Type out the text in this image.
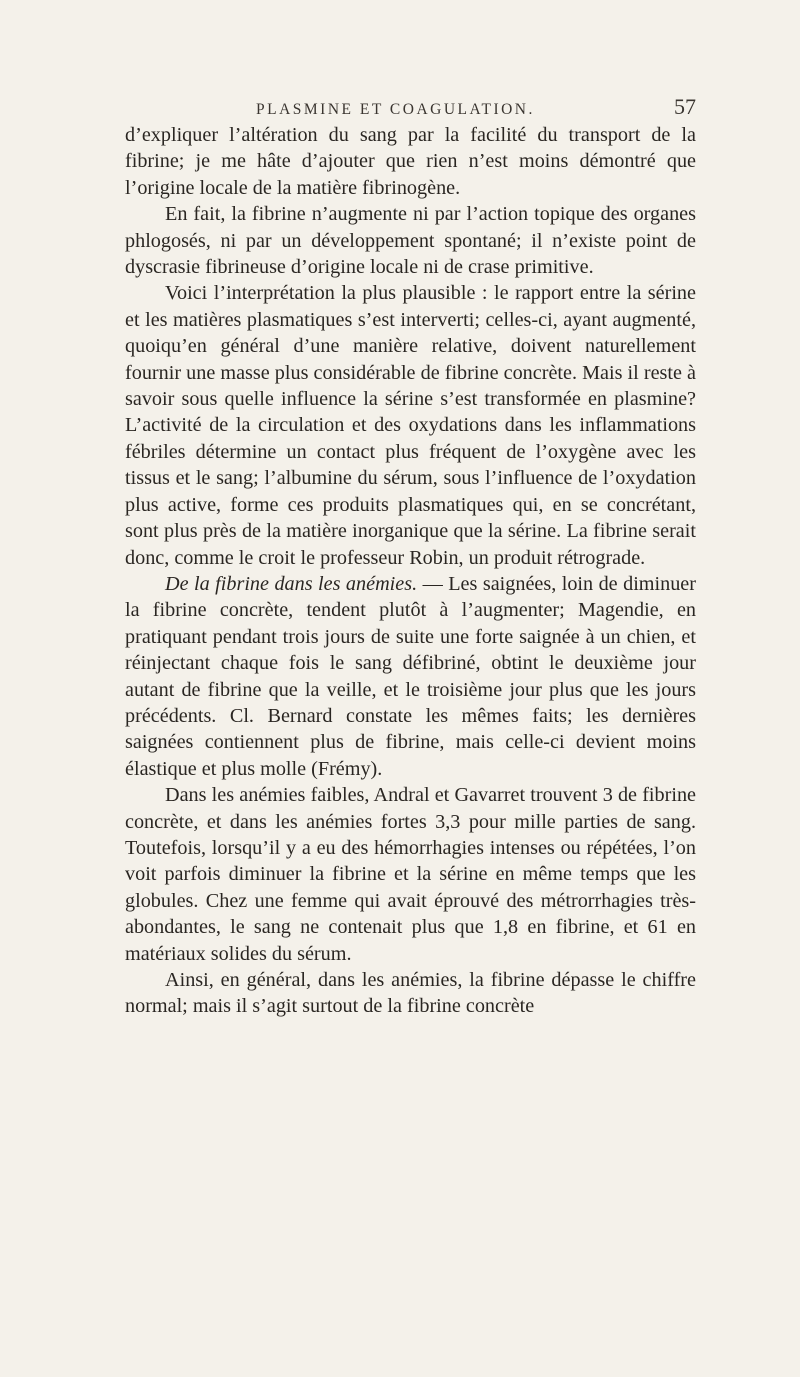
PLASMINE ET COAGULATION.	57

d’expliquer l’altération du sang par la facilité du transport de la fibrine; je me hâte d’ajouter que rien n’est moins démontré que l’origine locale de la matière fibrinogène.

En fait, la fibrine n’augmente ni par l’action topique des organes phlogosés, ni par un développement spontané; il n’existe point de dyscrasie fibrineuse d’origine locale ni de crase primitive.

Voici l’interprétation la plus plausible : le rapport entre la sérine et les matières plasmatiques s’est interverti; celles-ci, ayant augmenté, quoiqu’en général d’une manière relative, doivent naturellement fournir une masse plus considérable de fibrine concrète. Mais il reste à savoir sous quelle influence la sérine s’est transformée en plasmine? L’activité de la circulation et des oxydations dans les inflammations fébriles détermine un contact plus fréquent de l’oxygène avec les tissus et le sang; l’albumine du sérum, sous l’influence de l’oxydation plus active, forme ces produits plasmatiques qui, en se concrétant, sont plus près de la matière inorganique que la sérine. La fibrine serait donc, comme le croit le professeur Robin, un produit rétrograde.

De la fibrine dans les anémies. — Les saignées, loin de diminuer la fibrine concrète, tendent plutôt à l’augmenter; Magendie, en pratiquant pendant trois jours de suite une forte saignée à un chien, et réinjectant chaque fois le sang défibriné, obtint le deuxième jour autant de fibrine que la veille, et le troisième jour plus que les jours précédents. Cl. Bernard constate les mêmes faits; les dernières saignées contiennent plus de fibrine, mais celle-ci devient moins élastique et plus molle (Frémy).

Dans les anémies faibles, Andral et Gavarret trouvent 3 de fibrine concrète, et dans les anémies fortes 3,3 pour mille parties de sang. Toutefois, lorsqu’il y a eu des hémorrhagies intenses ou répétées, l’on voit parfois diminuer la fibrine et la sérine en même temps que les globules. Chez une femme qui avait éprouvé des métrorrhagies très-abondantes, le sang ne contenait plus que 1,8 en fibrine, et 61 en matériaux solides du sérum.

Ainsi, en général, dans les anémies, la fibrine dépasse le chiffre normal; mais il s’agit surtout de la fibrine concrète
